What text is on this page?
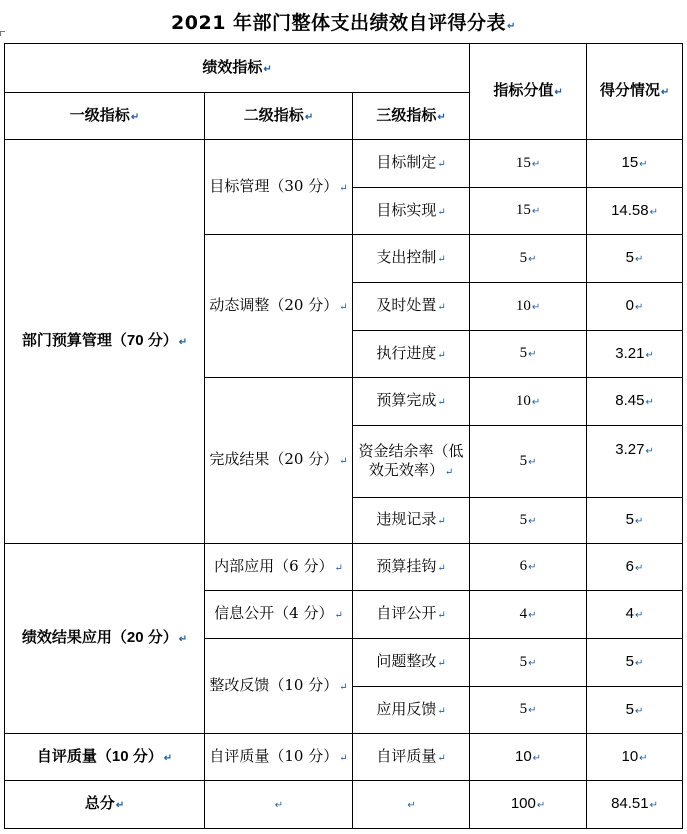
2021 年部门整体支出绩效自评得分表↵
绩效指标↵			指标分值↵	得分情况↵
一级指标↵	二级指标↵	三级指标↵		
部门预算管理（70 分）↵	目标管理（30 分）↵	目标制定↵	15↵	15↵
		目标实现↵	15↵	14.58↵
	动态调整（20 分）↵	支出控制↵	5↵	5↵
		及时处置↵	10↵	0↵
		执行进度↵	5↵	3.21↵
	完成结果（20 分）↵	预算完成↵	10↵	8.45↵
		资金结余率（低效无效率）↵	5↵	3.27↵
		违规记录↵	5↵	5↵
绩效结果应用（20 分）↵	内部应用（6 分）↵	预算挂钩↵	6↵	6↵
	信息公开（4 分）↵	自评公开↵	4↵	4↵
	整改反馈（10 分）↵	问题整改↵	5↵	5↵
		应用反馈↵	5↵	5↵
自评质量（10 分）↵	自评质量（10 分）↵	自评质量↵	10↵	10↵
总分↵	↵	↵	100↵	84.51↵
